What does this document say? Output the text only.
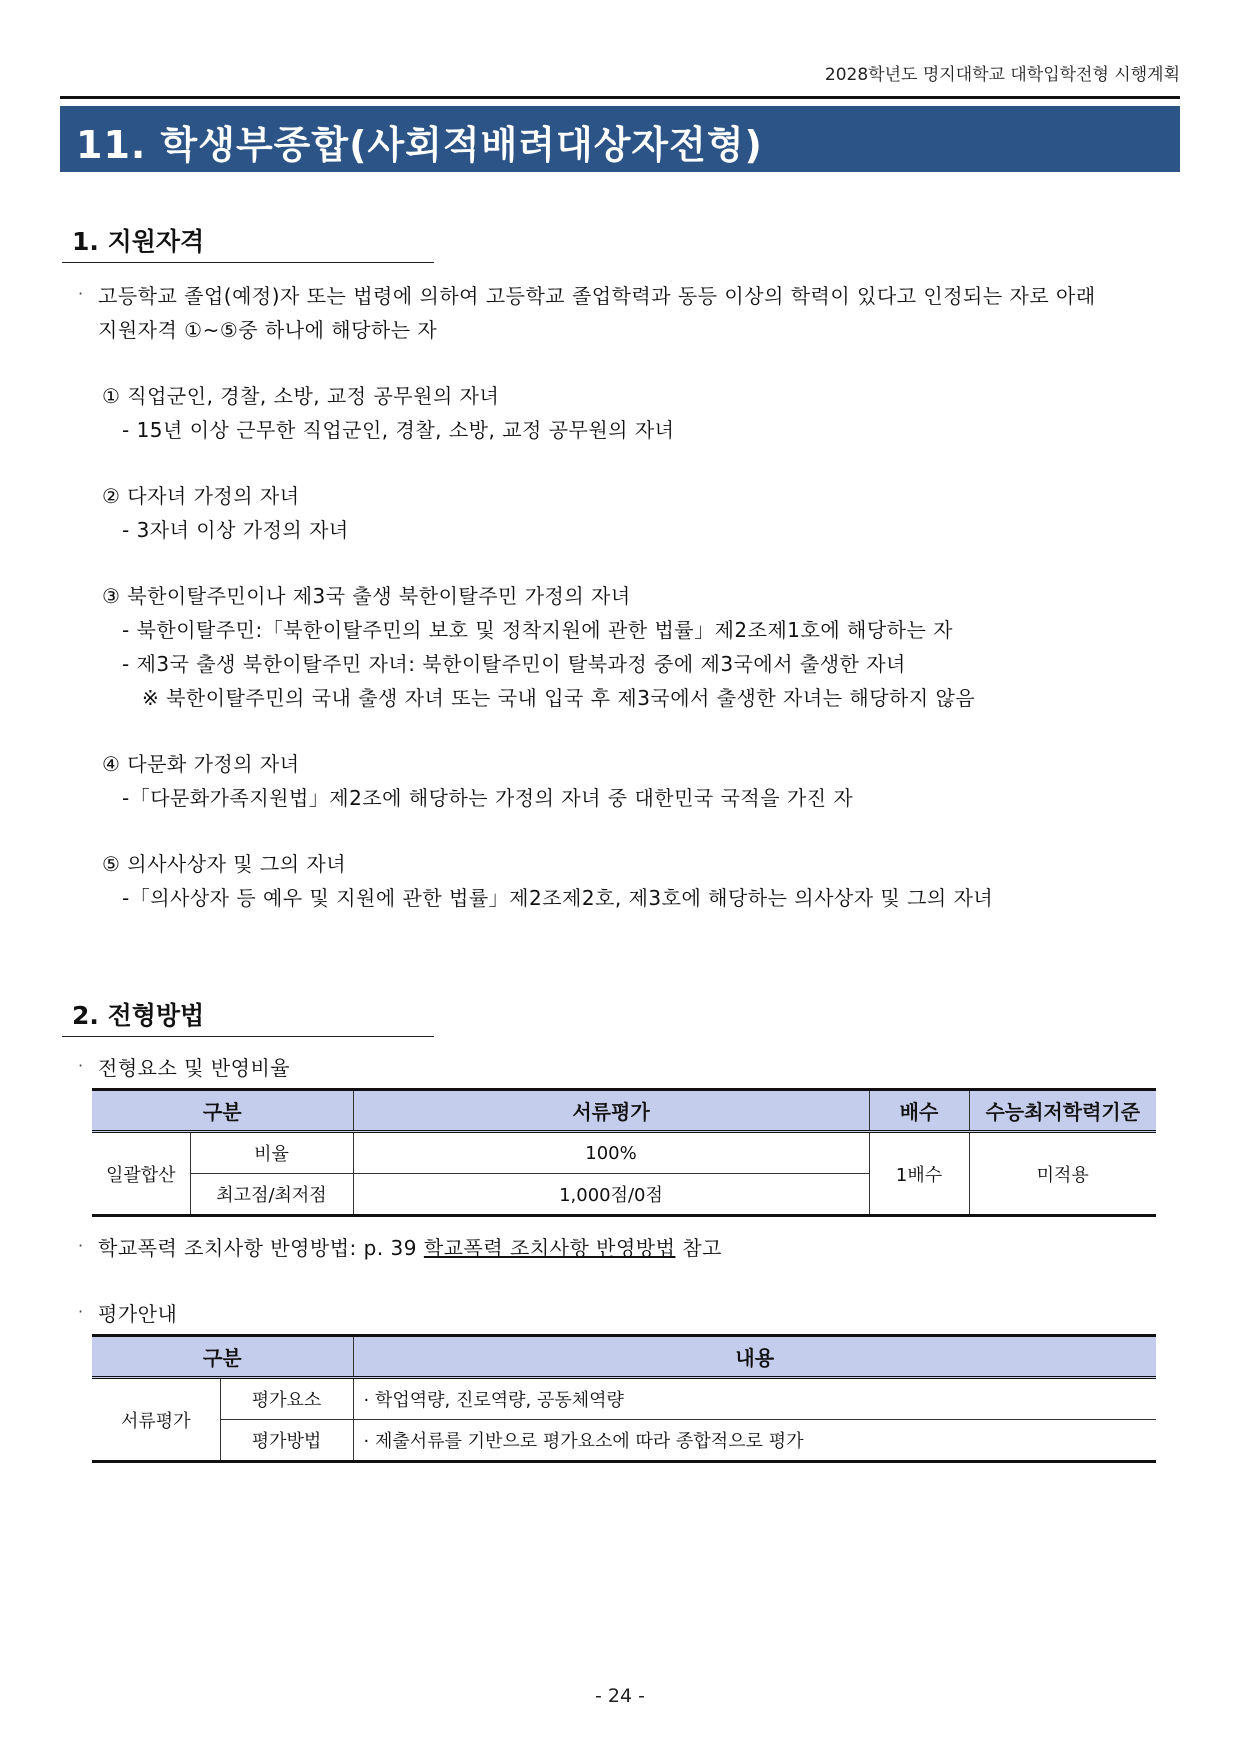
2028학년도 명지대학교 대학입학전형 시행계획
11. 학생부종합(사회적배려대상자전형)
1. 지원자격
· 고등학교 졸업(예정)자 또는 법령에 의하여 고등학교 졸업학력과 동등 이상의 학력이 있다고 인정되는 자로 아래
지원자격 ①~⑤중 하나에 해당하는 자
① 직업군인, 경찰, 소방, 교정 공무원의 자녀
- 15년 이상 근무한 직업군인, 경찰, 소방, 교정 공무원의 자녀
② 다자녀 가정의 자녀
- 3자녀 이상 가정의 자녀
③ 북한이탈주민이나 제3국 출생 북한이탈주민 가정의 자녀
- 북한이탈주민:「북한이탈주민의 보호 및 정착지원에 관한 법률」제2조제1호에 해당하는 자
- 제3국 출생 북한이탈주민 자녀: 북한이탈주민이 탈북과정 중에 제3국에서 출생한 자녀
※ 북한이탈주민의 국내 출생 자녀 또는 국내 입국 후 제3국에서 출생한 자녀는 해당하지 않음
④ 다문화 가정의 자녀
-「다문화가족지원법」제2조에 해당하는 가정의 자녀 중 대한민국 국적을 가진 자
⑤ 의사사상자 및 그의 자녀
-「의사상자 등 예우 및 지원에 관한 법률」제2조제2호, 제3호에 해당하는 의사상자 및 그의 자녀
2. 전형방법
· 전형요소 및 반영비율
구분		서류평가	배수	수능최저학력기준
일괄합산	비율	100%	1배수	미적용
	최고점/최저점	1,000점/0점		
· 학교폭력 조치사항 반영방법: p. 39 학교폭력 조치사항 반영방법 참고
· 평가안내
구분		내용
서류평가	평가요소	· 학업역량, 진로역량, 공동체역량
	평가방법	· 제출서류를 기반으로 평가요소에 따라 종합적으로 평가
- 24 -
